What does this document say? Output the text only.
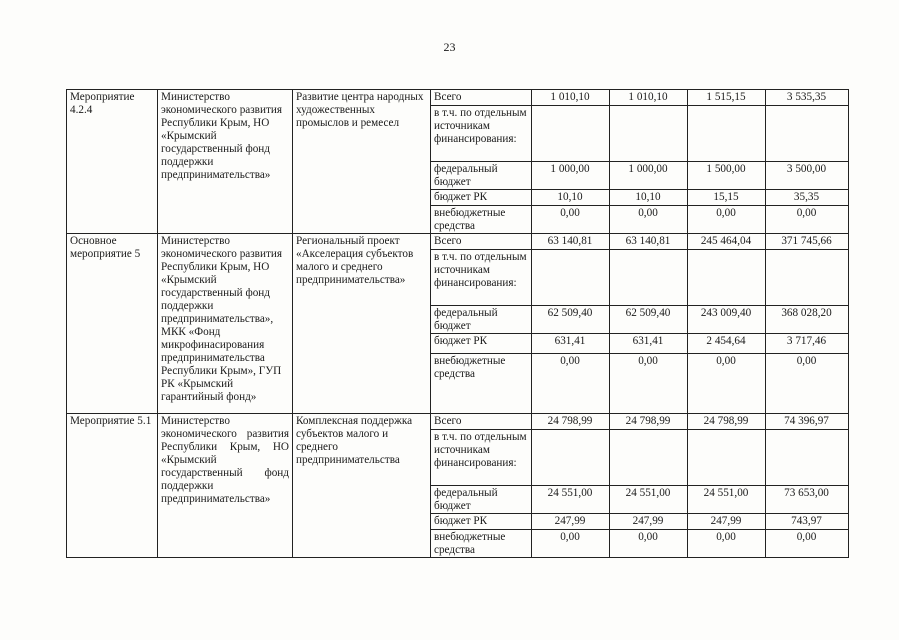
23
Мероприятие 4.2.4	Министерство экономического развития Республики Крым, НО «Крымский государственный фонд поддержки предпринимательства»	Развитие центра народных художественных промыслов и ремесел	Всего	1 010,10	1 010,10	1 515,15	3 535,35
			в т.ч. по отдельным источникам финансирования:				
			федеральный бюджет	1 000,00	1 000,00	1 500,00	3 500,00
			бюджет РК	10,10	10,10	15,15	35,35
			внебюджетные средства	0,00	0,00	0,00	0,00
Основное мероприятие 5	Министерство экономического развития Республики Крым, НО «Крымский государственный фонд поддержки предпринимательства», МКК «Фонд микрофинасирования предпринимательства Республики Крым», ГУП РК «Крымский гарантийный фонд»	Региональный проект «Акселерация субъектов малого и среднего предпринимательства»	Всего	63 140,81	63 140,81	245 464,04	371 745,66
			в т.ч. по отдельным источникам финансирования:				
			федеральный бюджет	62 509,40	62 509,40	243 009,40	368 028,20
			бюджет РК	631,41	631,41	2 454,64	3 717,46
			внебюджетные средства	0,00	0,00	0,00	0,00
Мероприятие 5.1	Министерство экономического развития Республики Крым, НО «Крымский государственный фонд поддержки предпринимательства»	Комплексная поддержка субъектов малого и среднего предпринимательства	Всего	24 798,99	24 798,99	24 798,99	74 396,97
			в т.ч. по отдельным источникам финансирования:				
			федеральный бюджет	24 551,00	24 551,00	24 551,00	73 653,00
			бюджет РК	247,99	247,99	247,99	743,97
			внебюджетные средства	0,00	0,00	0,00	0,00
